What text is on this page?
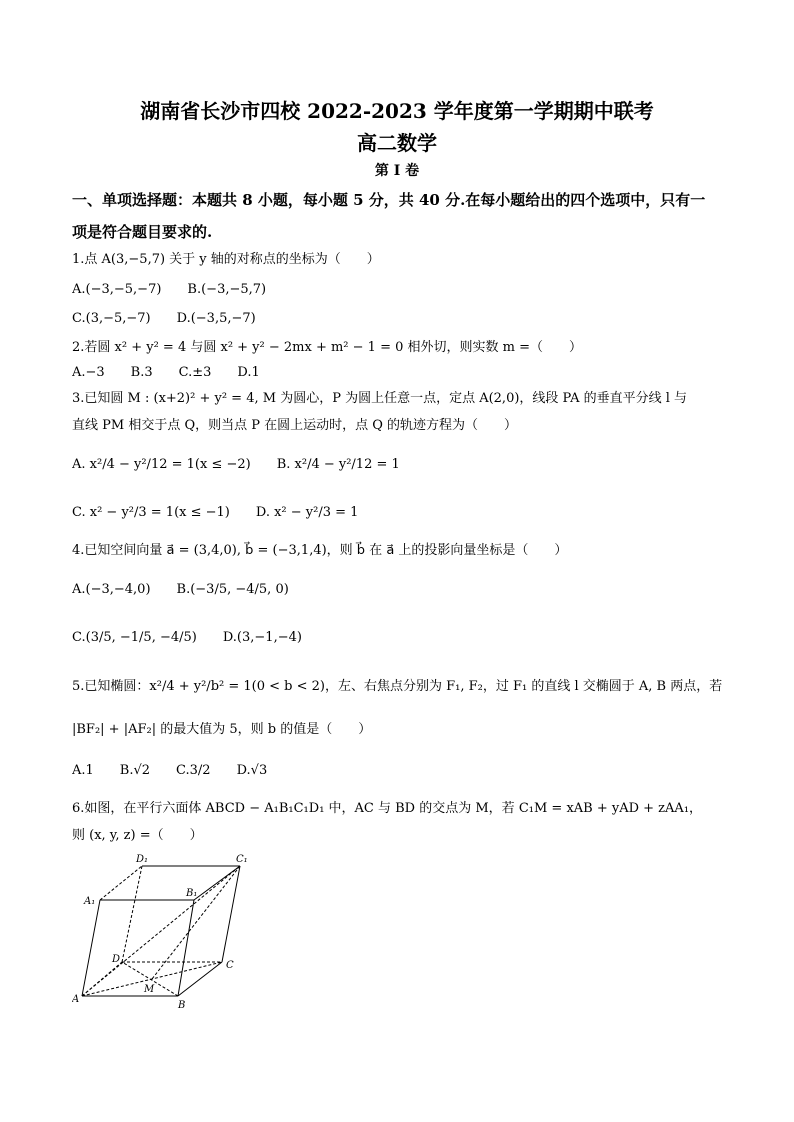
湖南省长沙市四校 2022-2023 学年度第一学期期中联考
高二数学
第 I 卷
一、单项选择题：本题共 8 小题，每小题 5 分，共 40 分.在每小题给出的四个选项中，只有一
项是符合题目要求的.
1.点 A(3,−5,7) 关于 y 轴的对称点的坐标为（　　）
A.(−3,−5,−7)　　B.(−3,−5,7)
C.(3,−5,−7)　　D.(−3,5,−7)
2.若圆 x² + y² = 4 与圆 x² + y² − 2mx + m² − 1 = 0 相外切，则实数 m =（　　）
A.−3　　B.3　　C.±3　　D.1
3.已知圆 M : (x+2)² + y² = 4, M 为圆心，P 为圆上任意一点，定点 A(2,0)，线段 PA 的垂直平分线 l 与
直线 PM 相交于点 Q，则当点 P 在圆上运动时，点 Q 的轨迹方程为（　　）
A. x²/4 − y²/12 = 1(x ≤ −2)　　B. x²/4 − y²/12 = 1
C. x² − y²/3 = 1(x ≤ −1)　　D. x² − y²/3 = 1
4.已知空间向量 a⃗ = (3,4,0), b⃗ = (−3,1,4)，则 b⃗ 在 a⃗ 上的投影向量坐标是（　　）
A.(−3,−4,0)　　B.(−3/5, −4/5, 0)
C.(3/5, −1/5, −4/5)　　D.(3,−1,−4)
5.已知椭圆：x²/4 + y²/b² = 1(0 < b < 2)，左、右焦点分别为 F₁, F₂，过 F₁ 的直线 l 交椭圆于 A, B 两点，若
|BF₂| + |AF₂| 的最大值为 5，则 b 的值是（　　）
A.1　　B.√2　　C.3/2　　D.√3
6.如图，在平行六面体 ABCD − A₁B₁C₁D₁ 中，AC 与 BD 的交点为 M，若 C₁M = xAB + yAD + zAA₁，
则 (x, y, z) =（　　）
D₁	C₁
A₁
B₁
D
C
A
B
M
